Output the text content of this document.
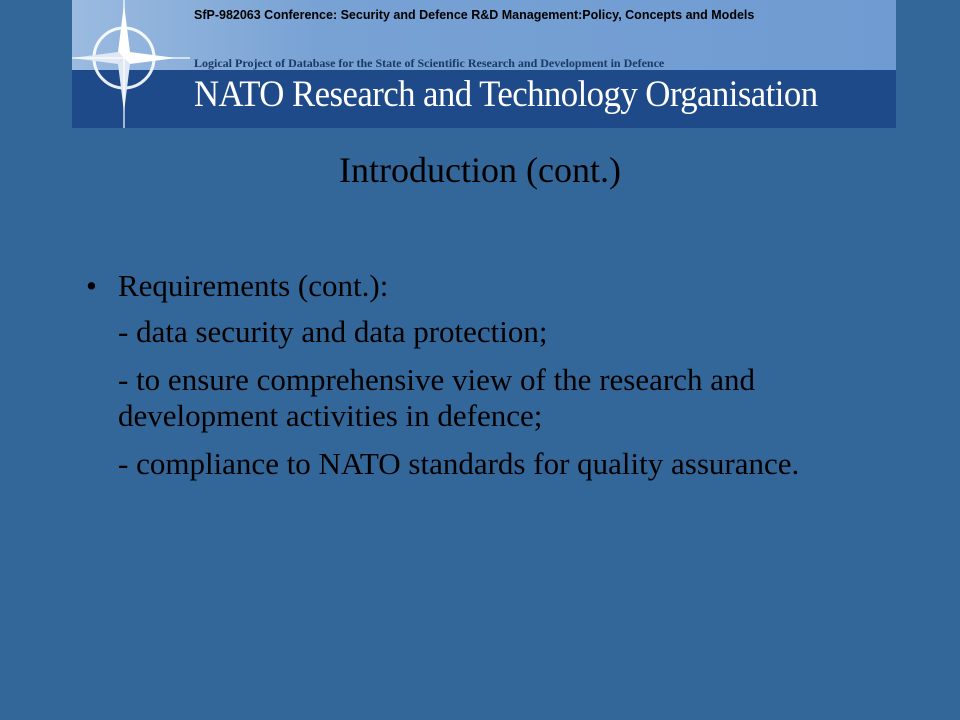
SfP-982063 Conference: Security and Defence R&D Management:Policy, Concepts and Models
Logical Project of Database for the State of Scientific Research and Development in Defence
NATO Research and Technology Organisation
Introduction (cont.)
• Requirements (cont.):
- data security and data protection;
- to ensure comprehensive view of the research and development activities in defence;
- compliance to NATO standards for quality assurance.
